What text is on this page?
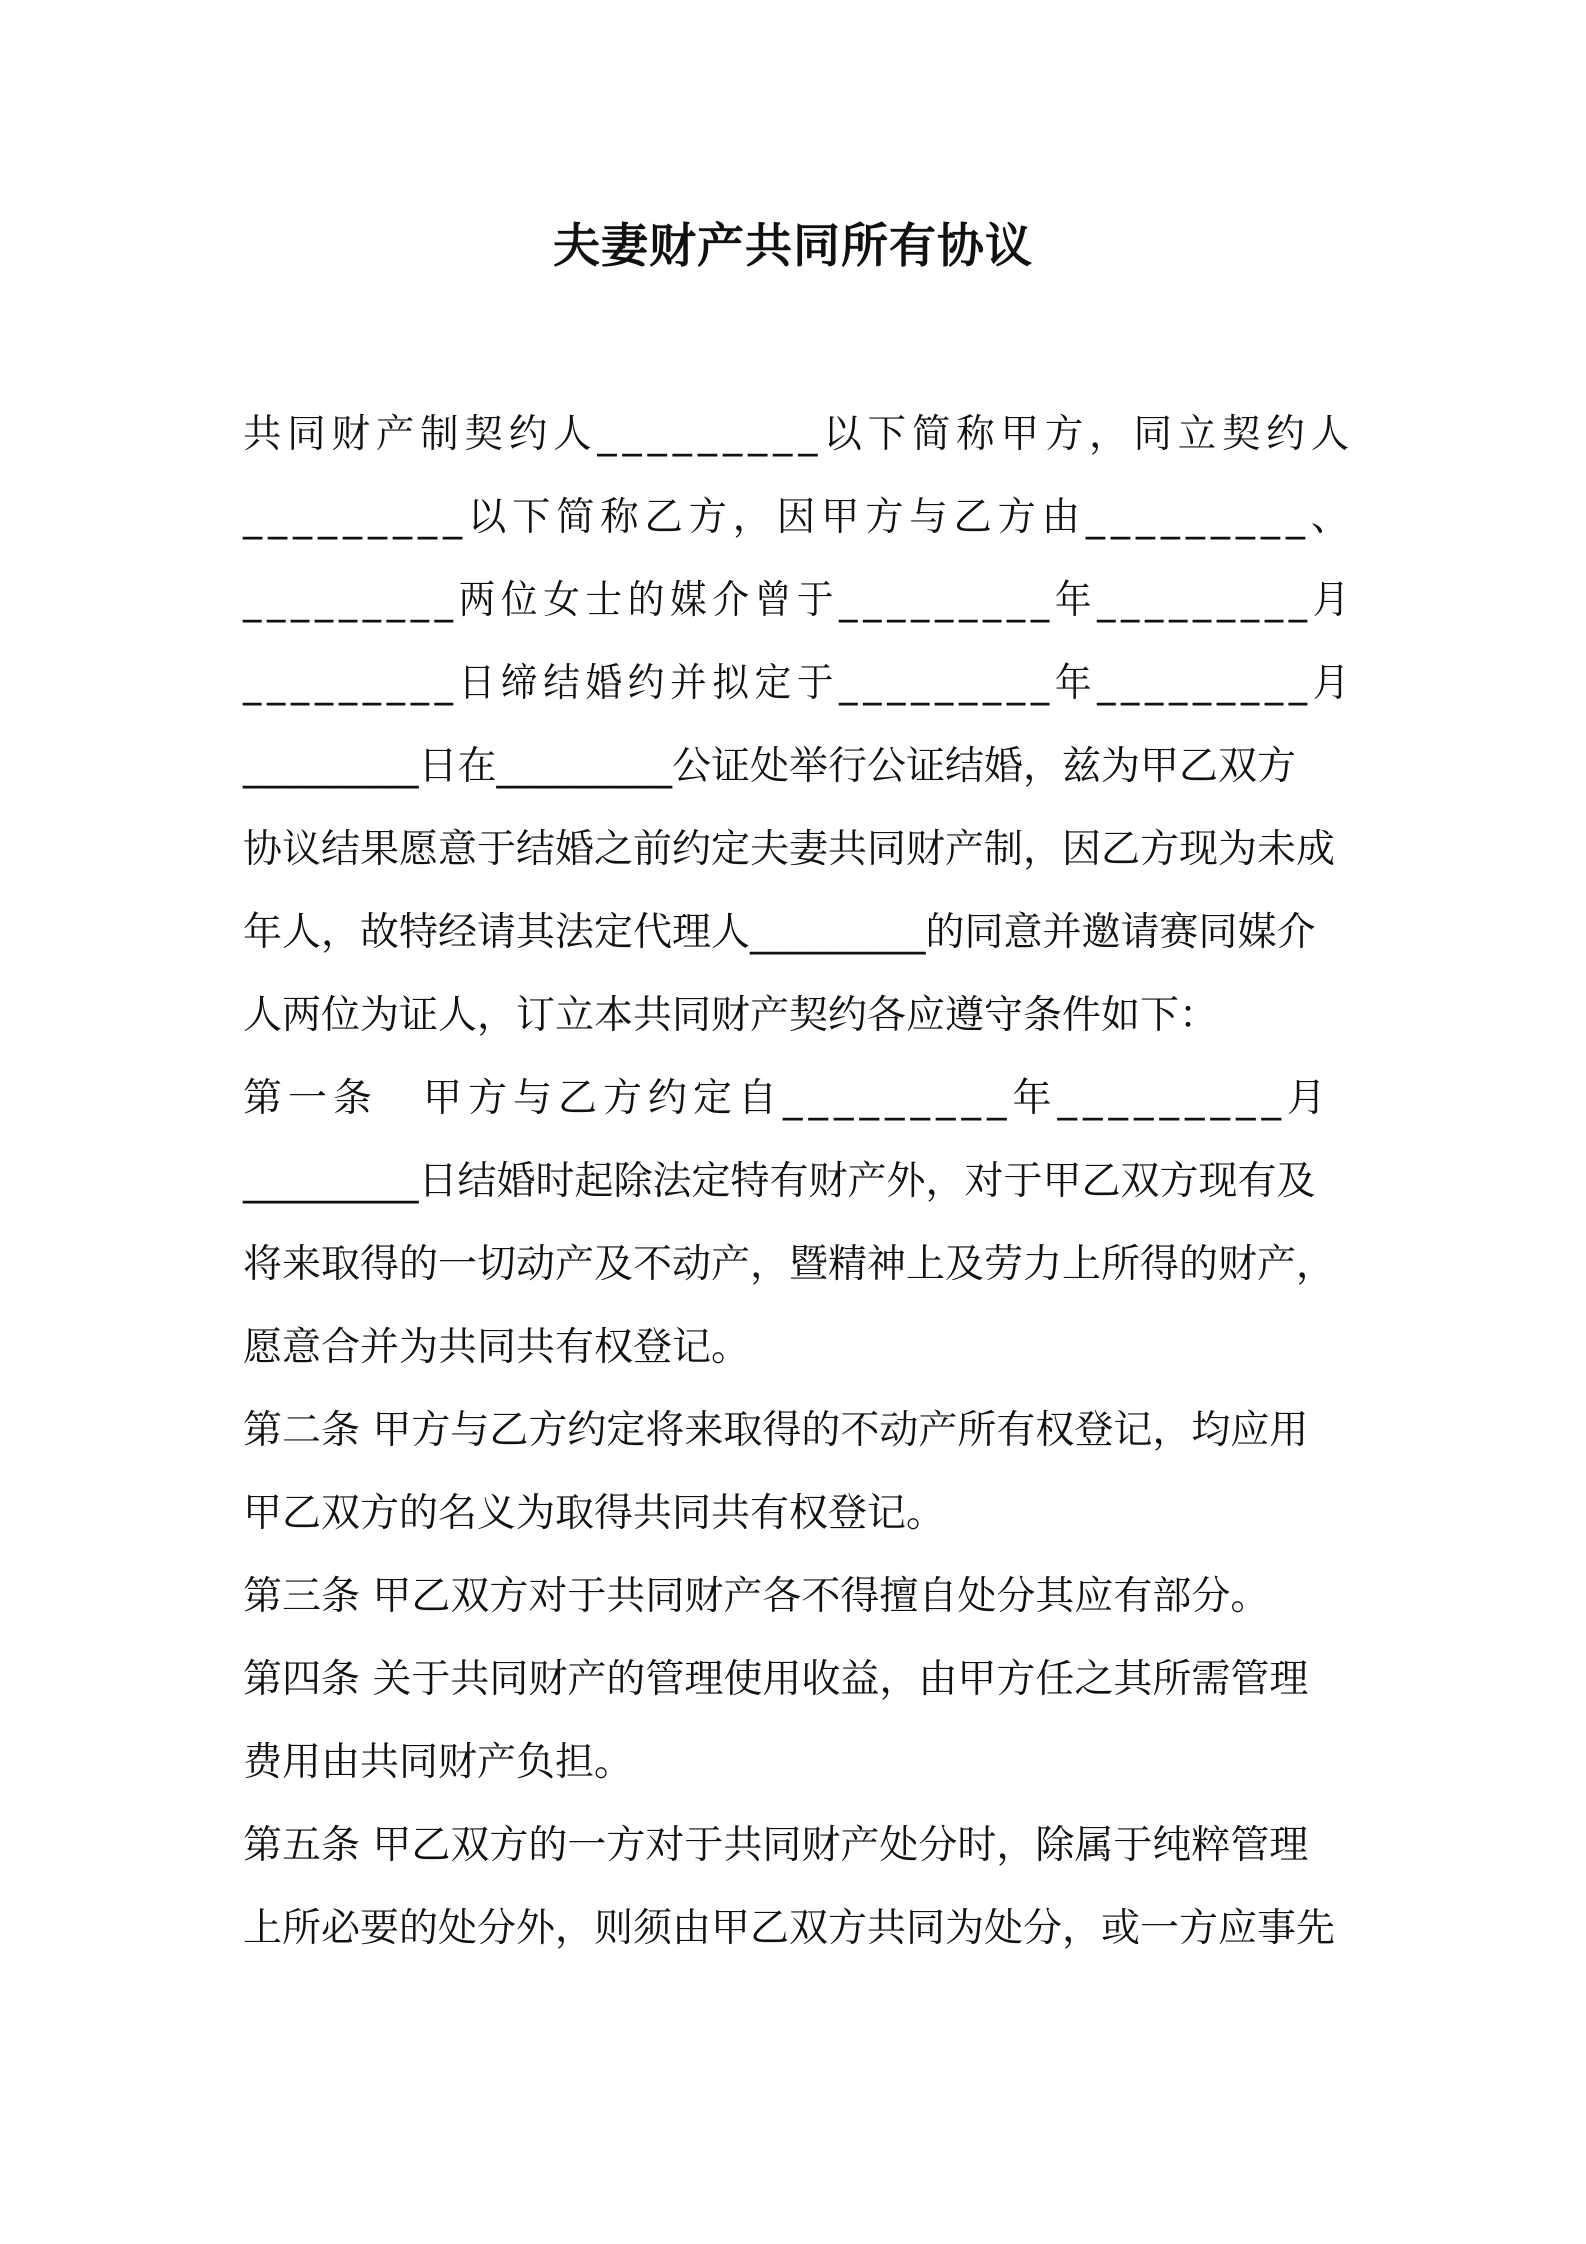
夫妻财产共同所有协议
共同财产制契约人_________以下简称甲方，同立契约人
_________以下简称乙方，因甲方与乙方由_________、
_________两位女士的媒介曾于_________年_________月
_________日缔结婚约并拟定于_________年_________月
_________日在_________公证处举行公证结婚，兹为甲乙双方
协议结果愿意于结婚之前约定夫妻共同财产制，因乙方现为未成
年人，故特经请其法定代理人_________的同意并邀请赛同媒介
人两位为证人，订立本共同财产契约各应遵守条件如下：
第一条　甲方与乙方约定自_________年_________月
_________日结婚时起除法定特有财产外，对于甲乙双方现有及
将来取得的一切动产及不动产，暨精神上及劳力上所得的财产，
愿意合并为共同共有权登记。
第二条 甲方与乙方约定将来取得的不动产所有权登记，均应用
甲乙双方的名义为取得共同共有权登记。
第三条 甲乙双方对于共同财产各不得擅自处分其应有部分。
第四条 关于共同财产的管理使用收益，由甲方任之其所需管理
费用由共同财产负担。
第五条 甲乙双方的一方对于共同财产处分时，除属于纯粹管理
上所必要的处分外，则须由甲乙双方共同为处分，或一方应事先
